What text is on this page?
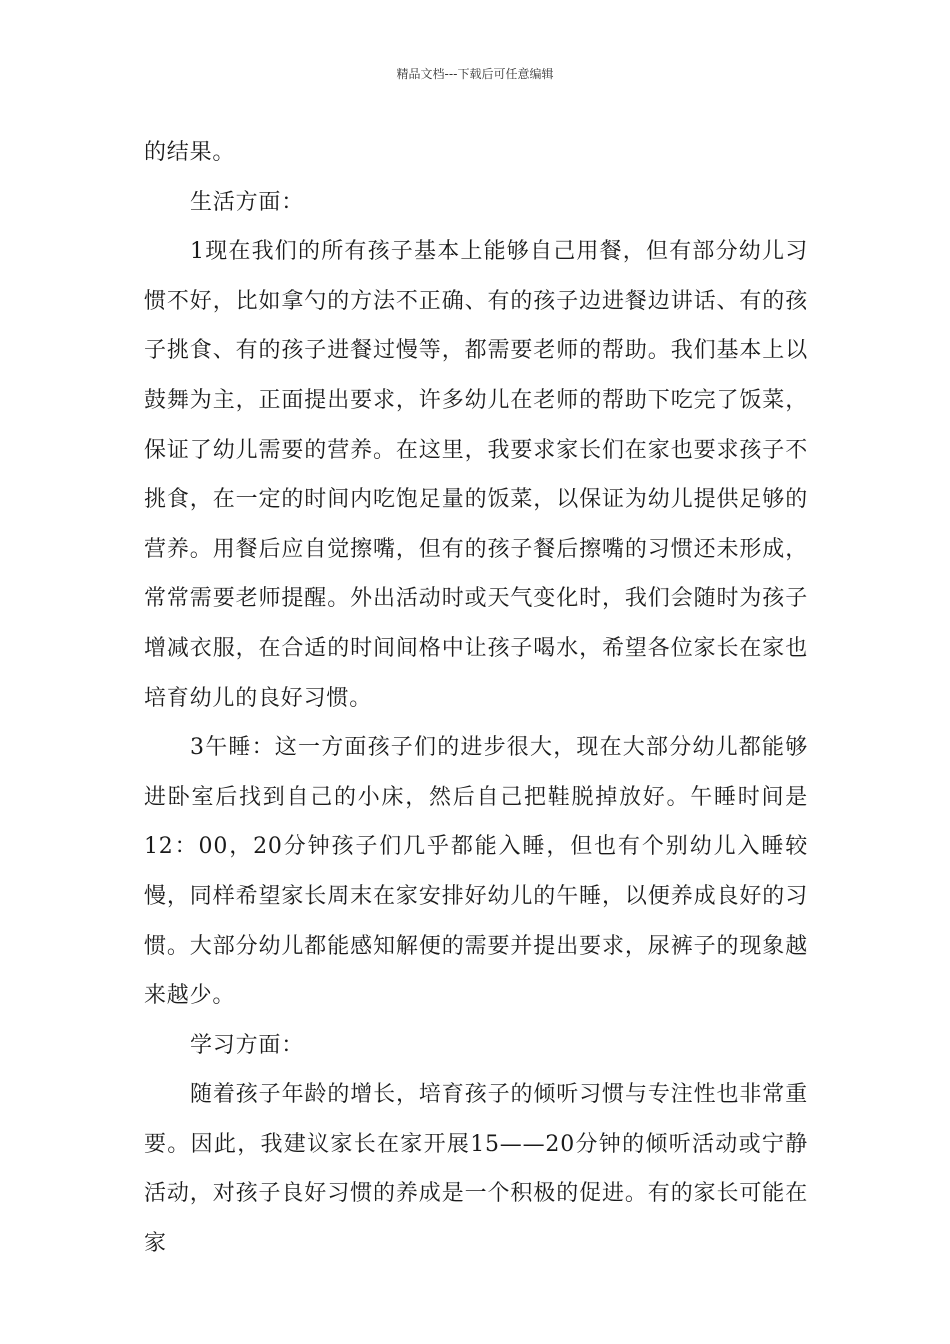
精品文档---下载后可任意编辑

的结果。

生活方面：

1现在我们的所有孩子基本上能够自己用餐，但有部分幼儿习惯不好，比如拿勺的方法不正确、有的孩子边进餐边讲话、有的孩子挑食、有的孩子进餐过慢等，都需要老师的帮助。我们基本上以鼓舞为主，正面提出要求，许多幼儿在老师的帮助下吃完了饭菜，保证了幼儿需要的营养。在这里，我要求家长们在家也要求孩子不挑食，在一定的时间内吃饱足量的饭菜，以保证为幼儿提供足够的营养。用餐后应自觉擦嘴，但有的孩子餐后擦嘴的习惯还未形成，常常需要老师提醒。外出活动时或天气变化时，我们会随时为孩子增减衣服，在合适的时间间格中让孩子喝水，希望各位家长在家也培育幼儿的良好习惯。

3午睡：这一方面孩子们的进步很大，现在大部分幼儿都能够进卧室后找到自己的小床，然后自己把鞋脱掉放好。午睡时间是12：00，20分钟孩子们几乎都能入睡，但也有个别幼儿入睡较慢，同样希望家长周末在家安排好幼儿的午睡，以便养成良好的习惯。大部分幼儿都能感知解便的需要并提出要求，尿裤子的现象越来越少。

学习方面：

随着孩子年龄的增长，培育孩子的倾听习惯与专注性也非常重要。因此，我建议家长在家开展15——20分钟的倾听活动或宁静活动，对孩子良好习惯的养成是一个积极的促进。有的家长可能在家
